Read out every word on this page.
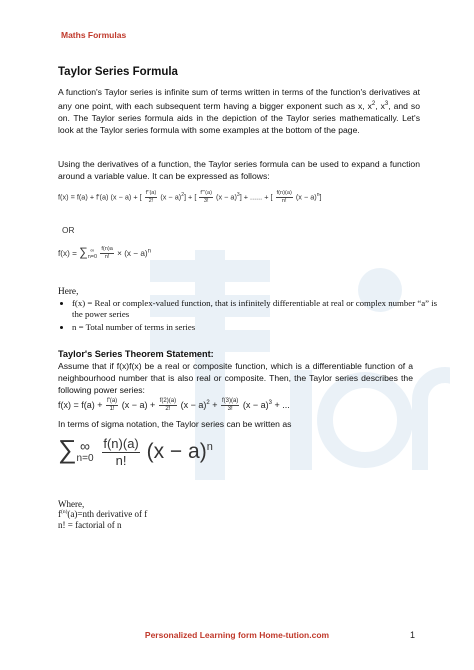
Maths Formulas
Taylor Series Formula
A function's Taylor series is infinite sum of terms written in terms of the function's derivatives at any one point, with each subsequent term having a bigger exponent such as x, $x^2$, $x^3$, and so on. The Taylor series formula aids in the depiction of the Taylor series mathematically. Let's look at the Taylor series formula with some examples at the bottom of the page.
Using the derivatives of a function, the Taylor series formula can be used to expand a function around a variable value. It can be expressed as follows:
f(x) = f(a) + f'(a) (x − a) + [ $\frac{f''(a)}{2!} (x - a)^2$] + [ $\frac{f'''(a)}{3!} (x - a)^3$] + ...... + [ $\frac{f(n)(a)}{n!} (x - a)^n$]
OR
f(x) = ∑ ∞
n=0
$\frac{f(n)a}{n!} \times (x - a)^n$
Here,
• f(x) = Real or complex-valued function, that is infinitely differentiable at real or complex number “a” is the power series
• n = Total number of terms in series
Taylor's Series Theorem Statement:
Assume that if f(x)f(x) be a real or composite function, which is a differentiable function of a neighbourhood number that is also real or composite. Then, the Taylor series describes the following power series:
$f(x) = f(a) + \frac{f'(a)}{1!} (x - a) + \frac{f(2)(a)}{2!} (x - a)^2 + \frac{f(3)(a)}{3!} (x - a)^3$ + ...
In terms of sigma notation, the Taylor series can be written as
∑ ∞
n=0
$\frac{f(n)(a)}{n!} (x - a)^n$
Where,
$f^{(n)}(a)=nth$ derivative of f
n! = factorial of n
Personalized Learning form Home-tution.com	1
